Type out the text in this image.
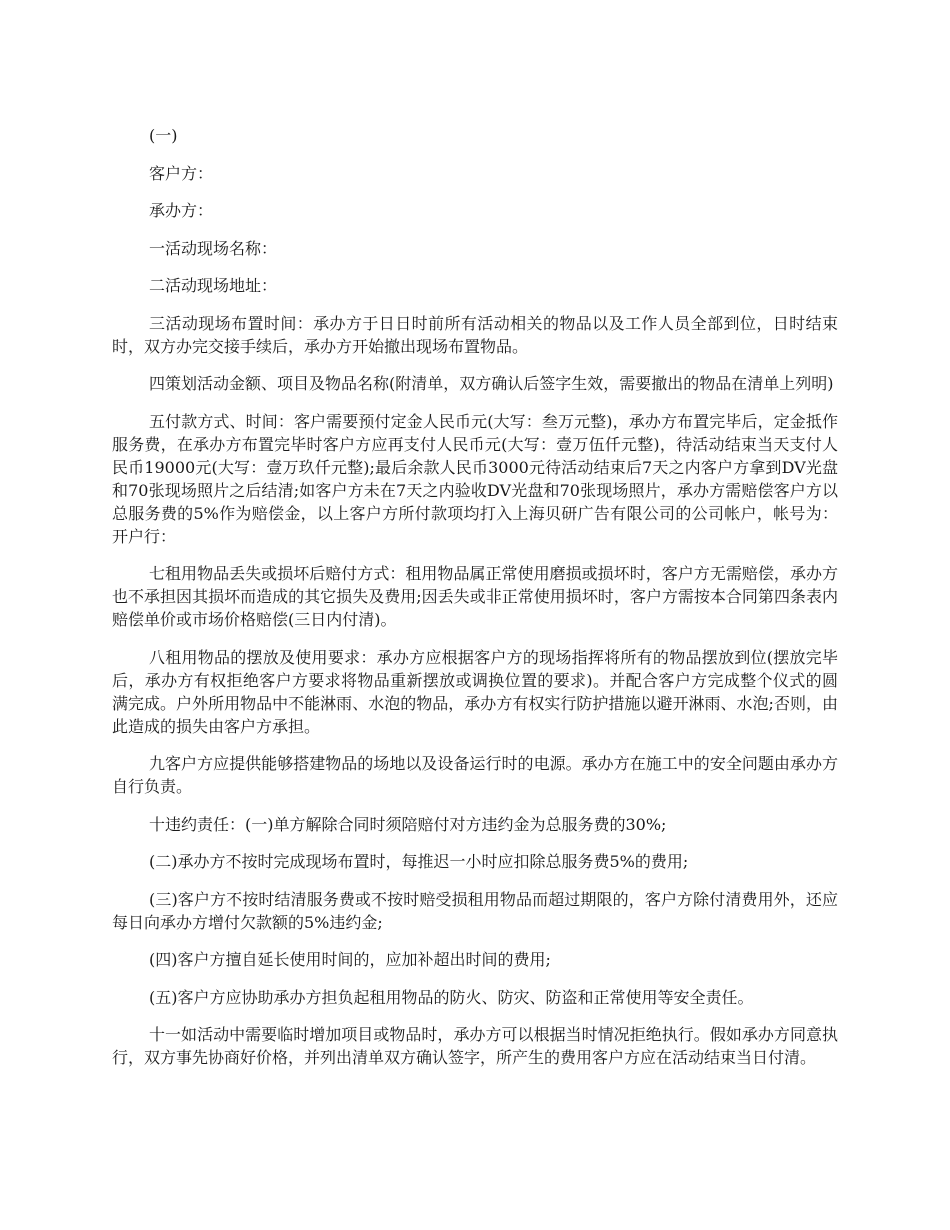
(一)

客户方：

承办方：

一活动现场名称：

二活动现场地址：

三活动现场布置时间：承办方于日日时前所有活动相关的物品以及工作人员全部到位，日时结束时，双方办完交接手续后，承办方开始撤出现场布置物品。

四策划活动金额、项目及物品名称(附清单，双方确认后签字生效，需要撤出的物品在清单上列明)

五付款方式、时间：客户需要预付定金人民币元(大写：叁万元整)，承办方布置完毕后，定金抵作服务费，在承办方布置完毕时客户方应再支付人民币元(大写：壹万伍仟元整)，待活动结束当天支付人民币19000元(大写：壹万玖仟元整);最后余款人民币3000元待活动结束后7天之内客户方拿到DV光盘和70张现场照片之后结清;如客户方未在7天之内验收DV光盘和70张现场照片，承办方需赔偿客户方以总服务费的5%作为赔偿金，以上客户方所付款项均打入上海贝研广告有限公司的公司帐户，帐号为：开户行：

七租用物品丢失或损坏后赔付方式：租用物品属正常使用磨损或损坏时，客户方无需赔偿，承办方也不承担因其损坏而造成的其它损失及费用;因丢失或非正常使用损坏时，客户方需按本合同第四条表内赔偿单价或市场价格赔偿(三日内付清)。

八租用物品的摆放及使用要求：承办方应根据客户方的现场指挥将所有的物品摆放到位(摆放完毕后，承办方有权拒绝客户方要求将物品重新摆放或调换位置的要求)。并配合客户方完成整个仪式的圆满完成。户外所用物品中不能淋雨、水泡的物品，承办方有权实行防护措施以避开淋雨、水泡;否则，由此造成的损失由客户方承担。

九客户方应提供能够搭建物品的场地以及设备运行时的电源。承办方在施工中的安全问题由承办方自行负责。

十违约责任：(一)单方解除合同时须陪赔付对方违约金为总服务费的30%;

(二)承办方不按时完成现场布置时，每推迟一小时应扣除总服务费5%的费用;

(三)客户方不按时结清服务费或不按时赔受损租用物品而超过期限的，客户方除付清费用外，还应每日向承办方增付欠款额的5%违约金;

(四)客户方擅自延长使用时间的，应加补超出时间的费用;

(五)客户方应协助承办方担负起租用物品的防火、防灾、防盗和正常使用等安全责任。

十一如活动中需要临时增加项目或物品时，承办方可以根据当时情况拒绝执行。假如承办方同意执行，双方事先协商好价格，并列出清单双方确认签字，所产生的费用客户方应在活动结束当日付清。
